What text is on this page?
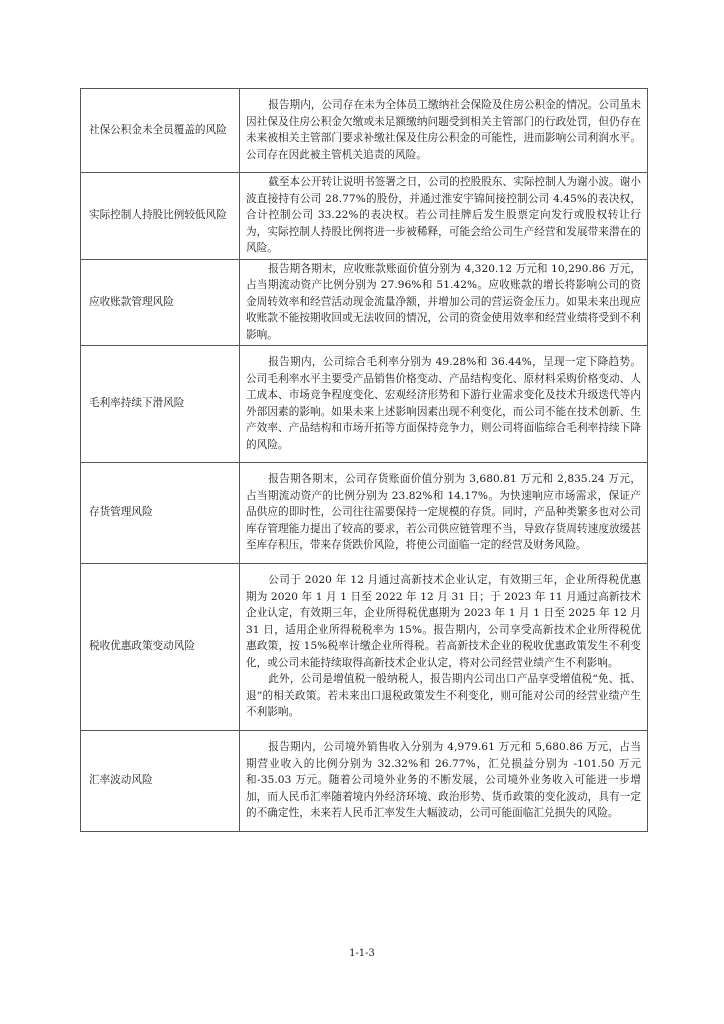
社保公积金未全员覆盖的风险	报告期内，公司存在未为全体员工缴纳社会保险及住房公积金的情况。公司虽未因社保及住房公积金欠缴或未足额缴纳问题受到相关主管部门的行政处罚，但仍存在未来被相关主管部门要求补缴社保及住房公积金的可能性，进而影响公司利润水平。公司存在因此被主管机关追责的风险。

实际控制人持股比例较低风险	截至本公开转让说明书签署之日，公司的控股股东、实际控制人为谢小波。谢小波直接持有公司 28.77%的股份，并通过淮安宇锦间接控制公司 4.45%的表决权，合计控制公司 33.22%的表决权。若公司挂牌后发生股票定向发行或股权转让行为，实际控制人持股比例将进一步被稀释，可能会给公司生产经营和发展带来潜在的风险。

应收账款管理风险	报告期各期末，应收账款账面价值分别为 4,320.12 万元和 10,290.86 万元，占当期流动资产比例分别为 27.96%和 51.42%。应收账款的增长将影响公司的资金周转效率和经营活动现金流量净额，并增加公司的营运资金压力。如果未来出现应收账款不能按期收回或无法收回的情况，公司的资金使用效率和经营业绩将受到不利影响。

毛利率持续下滑风险	报告期内，公司综合毛利率分别为 49.28%和 36.44%，呈现一定下降趋势。公司毛利率水平主要受产品销售价格变动、产品结构变化、原材料采购价格变动、人工成本、市场竞争程度变化、宏观经济形势和下游行业需求变化及技术升级迭代等内外部因素的影响。如果未来上述影响因素出现不利变化，而公司不能在技术创新、生产效率、产品结构和市场开拓等方面保持竞争力，则公司将面临综合毛利率持续下降的风险。

存货管理风险	报告期各期末，公司存货账面价值分别为 3,680.81 万元和 2,835.24 万元，占当期流动资产的比例分别为 23.82%和 14.17%。为快速响应市场需求，保证产品供应的即时性，公司往往需要保持一定规模的存货。同时，产品种类繁多也对公司库存管理能力提出了较高的要求，若公司供应链管理不当，导致存货周转速度放缓甚至库存积压，带来存货跌价风险，将使公司面临一定的经营及财务风险。

税收优惠政策变动风险	公司于 2020 年 12 月通过高新技术企业认定，有效期三年，企业所得税优惠期为 2020 年 1 月 1 日至 2022 年 12 月 31 日；于 2023 年 11 月通过高新技术企业认定，有效期三年，企业所得税优惠期为 2023 年 1 月 1 日至 2025 年 12 月 31 日，适用企业所得税税率为 15%。报告期内，公司享受高新技术企业所得税优惠政策，按 15%税率计缴企业所得税。若高新技术企业的税收优惠政策发生不利变化，或公司未能持续取得高新技术企业认定，将对公司经营业绩产生不利影响。

此外，公司是增值税一般纳税人，报告期内公司出口产品享受增值税“免、抵、退”的相关政策。若未来出口退税政策发生不利变化，则可能对公司的经营业绩产生不利影响。

汇率波动风险	报告期内，公司境外销售收入分别为 4,979.61 万元和 5,680.86 万元，占当期营业收入的比例分别为 32.32%和 26.77%，汇兑损益分别为 -101.50 万元和-35.03 万元。随着公司境外业务的不断发展，公司境外业务收入可能进一步增加，而人民币汇率随着境内外经济环境、政治形势、货币政策的变化波动，具有一定的不确定性，未来若人民币汇率发生大幅波动，公司可能面临汇兑损失的风险。

1-1-3
